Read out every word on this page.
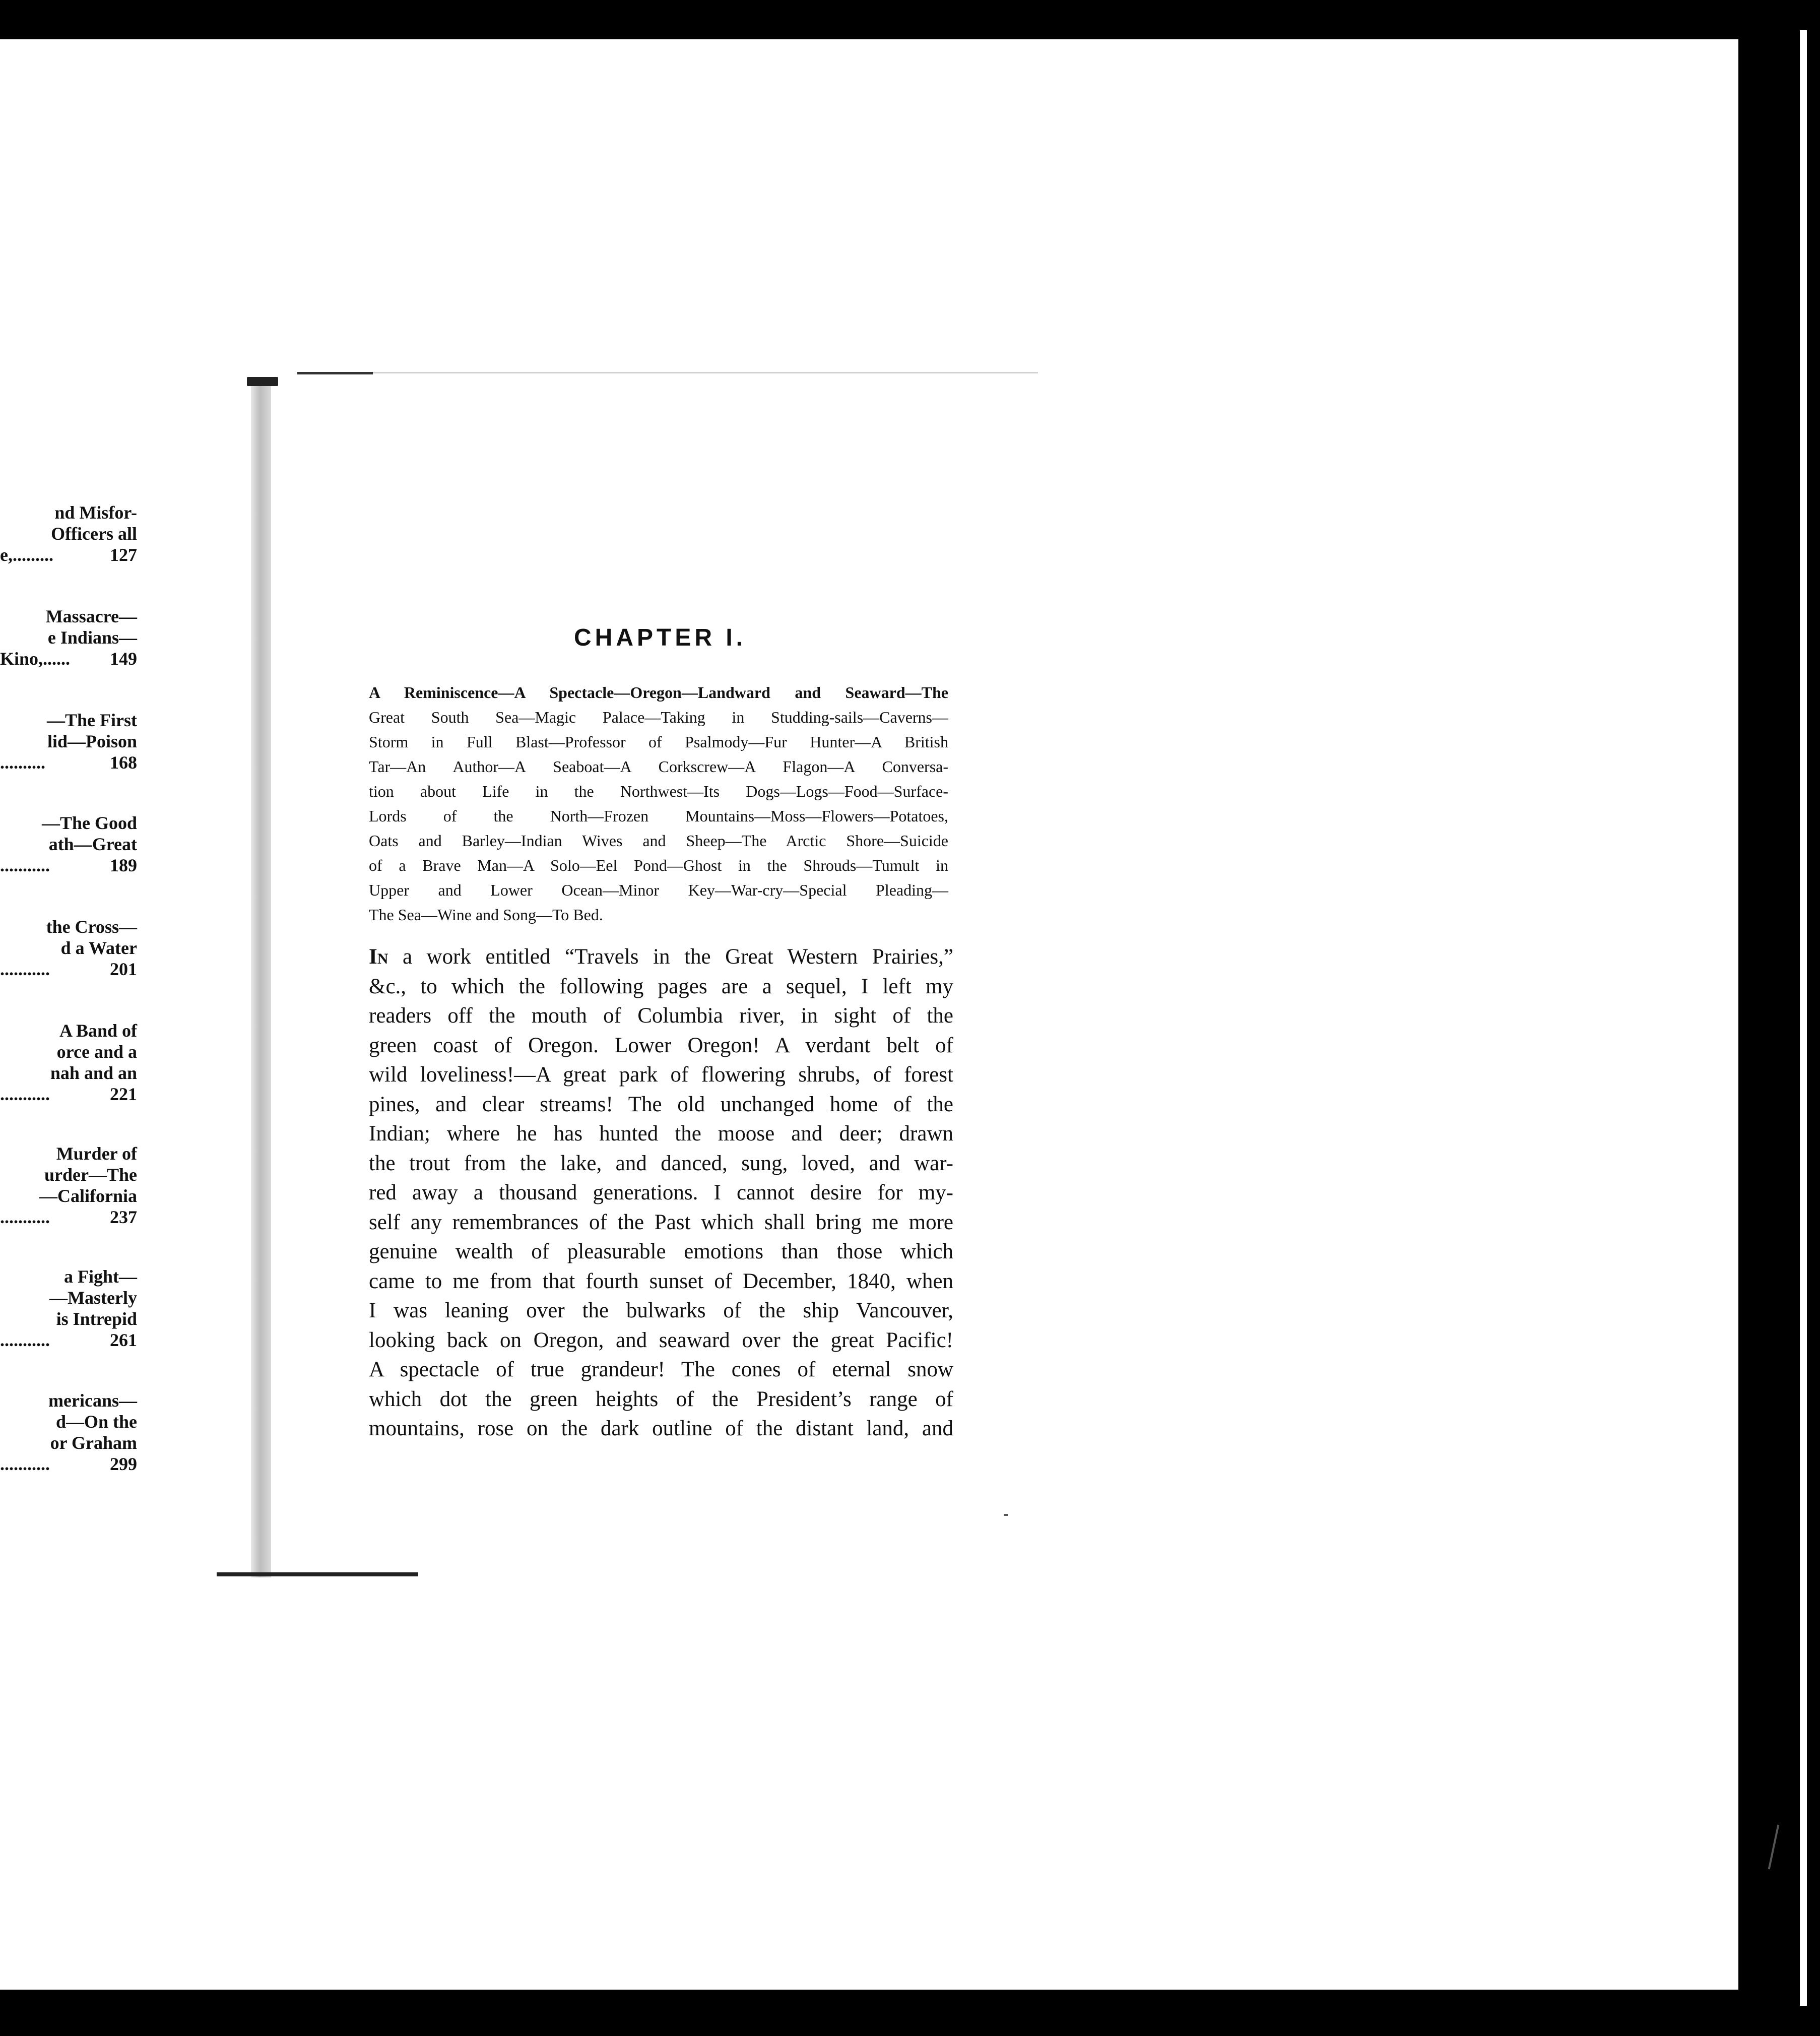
nd Misfor-
Officers all
e,.........	127
Massacre—
e Indians—
Kino,...... 149
—The First
lid—Poison
..........	168
—The Good
ath—Great
...........	189
the Cross—
d a Water
...........	201
A Band of
orce and a
nah and an
...........	221
Murder of
urder—The
—California
...........	237
a Fight—
—Masterly
is Intrepid
...........	261
mericans—
d—On the
or Graham
...........	299
CHAPTER I.
A Reminiscence—A Spectacle—Oregon—Landward and Seaward—The
Great South Sea—Magic Palace—Taking in Studding-sails—Caverns—
Storm in Full Blast—Professor of Psalmody—Fur Hunter—A British
Tar—An Author—A Seaboat—A Corkscrew—A Flagon—A Conversa-
tion about Life in the Northwest—Its Dogs—Logs—Food—Surface-
Lords of the North—Frozen Mountains—Moss—Flowers—Potatoes,
Oats and Barley—Indian Wives and Sheep—The Arctic Shore—Suicide
of a Brave Man—A Solo—Eel Pond—Ghost in the Shrouds—Tumult in
Upper and Lower Ocean—Minor Key—War-cry—Special Pleading—
The Sea—Wine and Song—To Bed.
In a work entitled “Travels in the Great Western Prairies,”
&c., to which the following pages are a sequel, I left my
readers off the mouth of Columbia river, in sight of the
green coast of Oregon. Lower Oregon! A verdant belt of
wild loveliness!—A great park of flowering shrubs, of forest
pines, and clear streams! The old unchanged home of the
Indian; where he has hunted the moose and deer; drawn
the trout from the lake, and danced, sung, loved, and war-
red away a thousand generations. I cannot desire for my-
self any remembrances of the Past which shall bring me more
genuine wealth of pleasurable emotions than those which
came to me from that fourth sunset of December, 1840, when
I was leaning over the bulwarks of the ship Vancouver,
looking back on Oregon, and seaward over the great Pacific!
A spectacle of true grandeur! The cones of eternal snow
which dot the green heights of the President’s range of
mountains, rose on the dark outline of the distant land, and
